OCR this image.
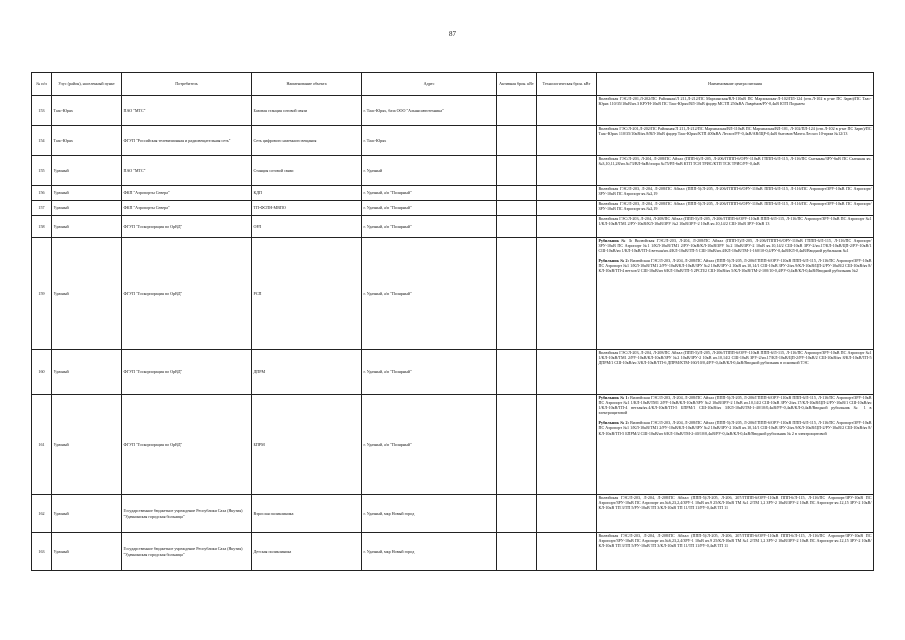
87
№ п/п	Улус (район), населенный пункт	Потребитель	Наименование объекта	Адрес	Активная брон. кВт	Технологическая брон. кВт	Наименование центра питания
153	Таас-Юрях	ПАО "МТС"	Базовая станция сотовой связи	г. Таас-Юрях, база ООО "Альянсавтотехника"			Вилюйская ГЭС/Л-201,Л-202/ПС Районная/Л 211,Л-212/ПС Мархинская/ВЛ-110кВ ПС Мархинская-Л-102/ПЛ-124 (отп.Л-102 в р-не ПС Зарю)/ПС Таас-Юрях 110/35/10кВ/яч.3 КРУН-10кВ ПС Таас-Юрях/ВЛ-10кВ фидер МСТП 250кВА Лаврёнов/РУ-0,4кВ КТП Поднаем

154	Таас-Юрях	ФГУП "Российская телевизионная и радиовещательная сеть"	Сеть цифрового наземного вещания	г. Таас-Юрях			Вилюйская ГЭС/Л-201,Л-202/ПС Районная/Л 211,Л-212/ПС Мархинская/ВЛ-110кВ ПС Мархинская/ВЛ-101, Л-102/ПЛ-124 (отп.Л-102 в р-не ПС Зарю)/ПС Таас-Юрях 110/35/10кВ/яч.8/ВЛ-10кВ фидер Таас-Юрях/КТП 400кВА Лесхоз/РУ-0,4кВ/АВ/ЩР-0,4кВ бытовое/Мачта Лесхоз 10-прим №12/13

155	Удачный	ПАО "МТС"	Станция сотовой связи	г. Удачный			Вилюйская ГЭС/Л-203, Л-204, Л-208/ПС Айхал (ППП-6)/Л-205, Л-206/ГППП-6/ОРУ-110кВ ГППП-6/Л-115, Л-116/ПС Сытыкан/ЗРУ-6кВ ПС Сытыкан яч. №3,10,11,28/яч.№73/ВЛ-6кВ/опора №75/РЛ-6кВ КТП ТСЯ ТРИС/КТП ТСК ТРИС/РУ-0,4кВ

156	Удачный	ФКП "Аэропорты Севера"	КДП	г. Удачный, а/п "Полярный"			Вилюйская ГЭС/Л-203, Л-204, Л-208/ПС Айхал (ППП-5)/Л-205, Л-206/ГППП-6/ОРУ-110кВ ППП-6/Л-115, Л-116/ПС Аэропорт/ЗРУ-10кВ ПС Аэропорт/ЗРУ-10кВ ПС Аэропорт яч.№2,19

157	Удачный	ФКП "Аэропорты Севера"	ТП-ФСПН-МВПО	г. Удачный, а/п "Полярный"			Вилюйская ГЭС/Л-203, Л-204, Л-208/ПС Айхал (ППП-5)/Л-205, Л-206/ГППП-6/ОРУ-110кВ ППП-6/Л-115, Л-116/ПС Аэропорт/ЗРУ-10кВ ПС Аэропорт/ЗРУ-10кВ ПС Аэропорт яч.№2,19

158	Удачный	ФГУП "Госкорпорация по ОрВД"	ОРЛ	г. Удачный, а/п "Полярный"			Вилюйская ГЭС/Л-203, Л-204, Л-208/ПС Айхал (ППП-5)/Л-205, Л-206/ГППП-6/ОРУ-110кВ ППП-6/Л-115, Л-116/ПС Аэропорт/ЗРУ-10кВ ПС Аэропорт №1 1/КЛ-10кВ/ТМ1 2/РУ-10кВ/КЛ-10кВ/ЗРУ №2 10кВ/ЗРУ-2 10кВ яч.10,14/2 СШ-10кВ ЗРУ-10кВ 13

159	Удачный	ФГУП "Госкорпорация по ОрВД"	РСП	г. Удачный, а/п "Полярный"			Рубильник № 1: Вилюйская ГЭС/Л-203, Л-204, Л-208/ПС Айхал (ППП-5)/Л-205, Л-206/ГППП-6/ОРУ-110кВ ГППП-6/Л-115, Л-116/ПС Аэропорт/ЗРУ-10кВ ПС Аэропорт №1 1/КЛ-10кВ/ТМ1 2/РУ-10кВ/КЛ-10кВ/ЗРУ №2 10кВ/ЗРУ-2 10кВ яч.10,14/2 СШ-10кВ ЗРУ-2/яч.17/КЛ-10кВ/ЦП-2/РУ-10кВ/1 СШ-10кВ/яч 1/КЛ-10кВ/ТП-4 ветхая/яч.4/КЛ-10кВ/ТП-5 СШ-10кВ/яч.4/КЛ-10кВ/ТМ-1-160/10-0,4/РУ-0,4кВ/КЛ-0,4кВ/Вводной рубильник №1
Рубильник № 2: Вилюйская ГЭС/Л-203, Л-204, Л-208/ПС Айхал (ППП-5)/Л-205, Л-206/ГППП-6/ОРУ-110кВ ППП-6/Л-115, Л-116/ПС Аэропорт/ЗРУ-10кВ ПС Аэропорт №1 1/КЛ-10кВ/ТМ1 2/РУ-10кВ/КЛ-10кВ/ЗРУ №2 10кВ/ЗРУ-2 10кВ яч.10,14/1 СШ-10кВ ЗРУ-2/яч.9/КЛ-10кВ/ЦП-2/РУ-10кВ/2 СШ-10кВ/яч 8/КЛ-10кВ/ТП-4 ветхое/2 СШ-10кВ/яч 6/КЛ-10кВ/ТП-5 2РСП/2 СШ-10кВ/яч 5/КЛ-10кВ/ТМ-2-100/10-0,4/РУ-0,4кВ/КЛ-0,4кВ/Вводной рубильник №2

160	Удачный	ФГУП "Госкорпорация по ОрВД"	ДПРМ	г. Удачный, а/п "Полярный"			Вилюйская ГЭС/Л-203, Л-204, Л-208/ПС Айхал (ППП-5)/Л-205, Л-206/ГППП-6/ОРУ-110кВ ППП-6/Л-115, Л-116/ПС Аэропорт/ЗРУ-10кВ ПС Аэропорт №1 1/КЛ-10кВ/ТМ1 2/РУ-10кВ/КЛ-10кВ/ЗРУ №2 10кВ/ЗРУ-2 10кВ яч.10,14/2 СШ-10кВ ЗРУ-2/яч.17/КЛ-10кВ/ЦП-2/РУ-10кВ/2 СШ-10кВ/яч 8/КЛ-10кВ/ТП-5 ДПРМ/1 СШ-10кВ/яч 3/КЛ-10кВ/ТП-6 ДПРМ/КТМ-160/10/0,4/РУ-0,4кВ/КЛ-0,4кВ/Вводной рубильник в основной ТЭС

161	Удачный	ФГУП "Госкорпорация по ОрВД"	БПРМ	г. Удачный, а/п "Полярный"			Рубильник № 1: Вилюйская ГЭС/Л-203, Л-204, Л-208/ПС Айхал (ППП-5)/Л-205, Л-206/ГППП-6/ОРУ-110кВ ППП-6/Л-115, Л-116/ПС Аэропорт/ЗРУ-10кВ ПС Аэропорт №1 1/КЛ-10кВ/ТМ1 2/РУ-10кВ/КЛ-10кВ/ЗРУ №2 10кВ/ЗРУ-2 10кВ яч.10,14/2 СШ-10кВ ЗРУ-2/яч.17/КЛ-10кВ/ЦП-2/РУ-10кВ/1 СШ-10кВ/яч 1/КЛ-10кВ/ТП-4 ветхая/яч.4/КЛ-10кВ/ТП-5 БПРМ/1 СШ-10кВ/яч 3/КЛ-10кВ/ТМ-1-40/10/0,4кВ/РУ-0,4кВ/КЛ-0,4кВ/Вводной рубильник № 1 в электрощитовой
Рубильник № 2: Вилюйская ГЭС/Л-203, Л-204, Л-208/ПС Айхал (ППП-5)/Л-205, Л-206/ГППП-6/ОРУ-110кВ ППП-6/Л-115, Л-116/ПС Аэропорт/ЗРУ-10кВ ПС Аэропорт №1 1/КЛ-10кВ/ТМ1 2/РУ-10кВ/КЛ-10кВ/ЗРУ №2 10кВ/ЗРУ-2 10кВ яч.10,14/1 СШ-10кВ ЗРУ-2/яч.9/КЛ-10кВ/ЦП-2/РУ-10кВ/2 СШ-10кВ/яч 8/КЛ-10кВ/ТП-5 БПРМ/2 СШ-10кВ/яч 6/КЛ-10кВ/ТМ-2-40/10/0,4кВ/РУ-0,4кВ/КЛ-0,4кВ/Вводной рубильник № 2 в электрощитовой

162	Удачный	Государственное бюджетное учреждение Республики Саха (Якутия) "Удачнинская городская больница"	Взрослая поликлиника	г. Удачный, мкр Новый город			Вилюйская ГЭС/Л-203, Л-204, Л-208/ПС Айхал (ППП-5)/Л-205, Л-206, 207/ГППП-6/ОРУ-110кВ ППП-6/Л-115, Л-116/ПС Аэропорт/ЗРУ-10кВ ПС Аэропорт/ЗРУ-10кВ ПС Аэропорт яч.№6,23,2,4/ЗРУ-1 10кВ яч.9 25/КЛ-10кВ ТМ №1 2/ТМ 1,2 ЗРУ-2 10кВ/ЗРУ-2 10кВ ПС Аэропорт яч.12,15 ЗРУ-2 10кВ/КЛ-10кВ ТП 3/ТП 5/РУ-10кВ ТП 3/КЛ-10кВ ТП 11/ТП 11/РУ-0,4кВ ТП 11

163	Удачный	Государственное бюджетное учреждение Республики Саха (Якутия) "Удачнинская городская больница"	Детская поликлиника	г. Удачный, мкр Новый город			Вилюйская ГЭС/Л-203, Л-204, Л-208/ПС Айхал (ППП-5)/Л-205, Л-206, 207/ГППП-6/ОРУ-110кВ ППП-6/Л-115, Л-116/ПС Аэропорт/ЗРУ-10кВ ПС Аэропорт/ЗРУ-10кВ ПС Аэропорт яч.№6,23,2,4/ЗРУ-1 10кВ яч.9 25/КЛ-10кВ ТМ №1 2/ТМ 1,2 ЗРУ-2 10кВ/ЗРУ-2 10кВ ПС Аэропорт яч.12,15 ЗРУ-2 10кВ/КЛ-10кВ ТП 3/ТП 5/РУ-10кВ ТП 3/КЛ-10кВ ТП 11/ТП 11/РУ-0,4кВ ТП 11
